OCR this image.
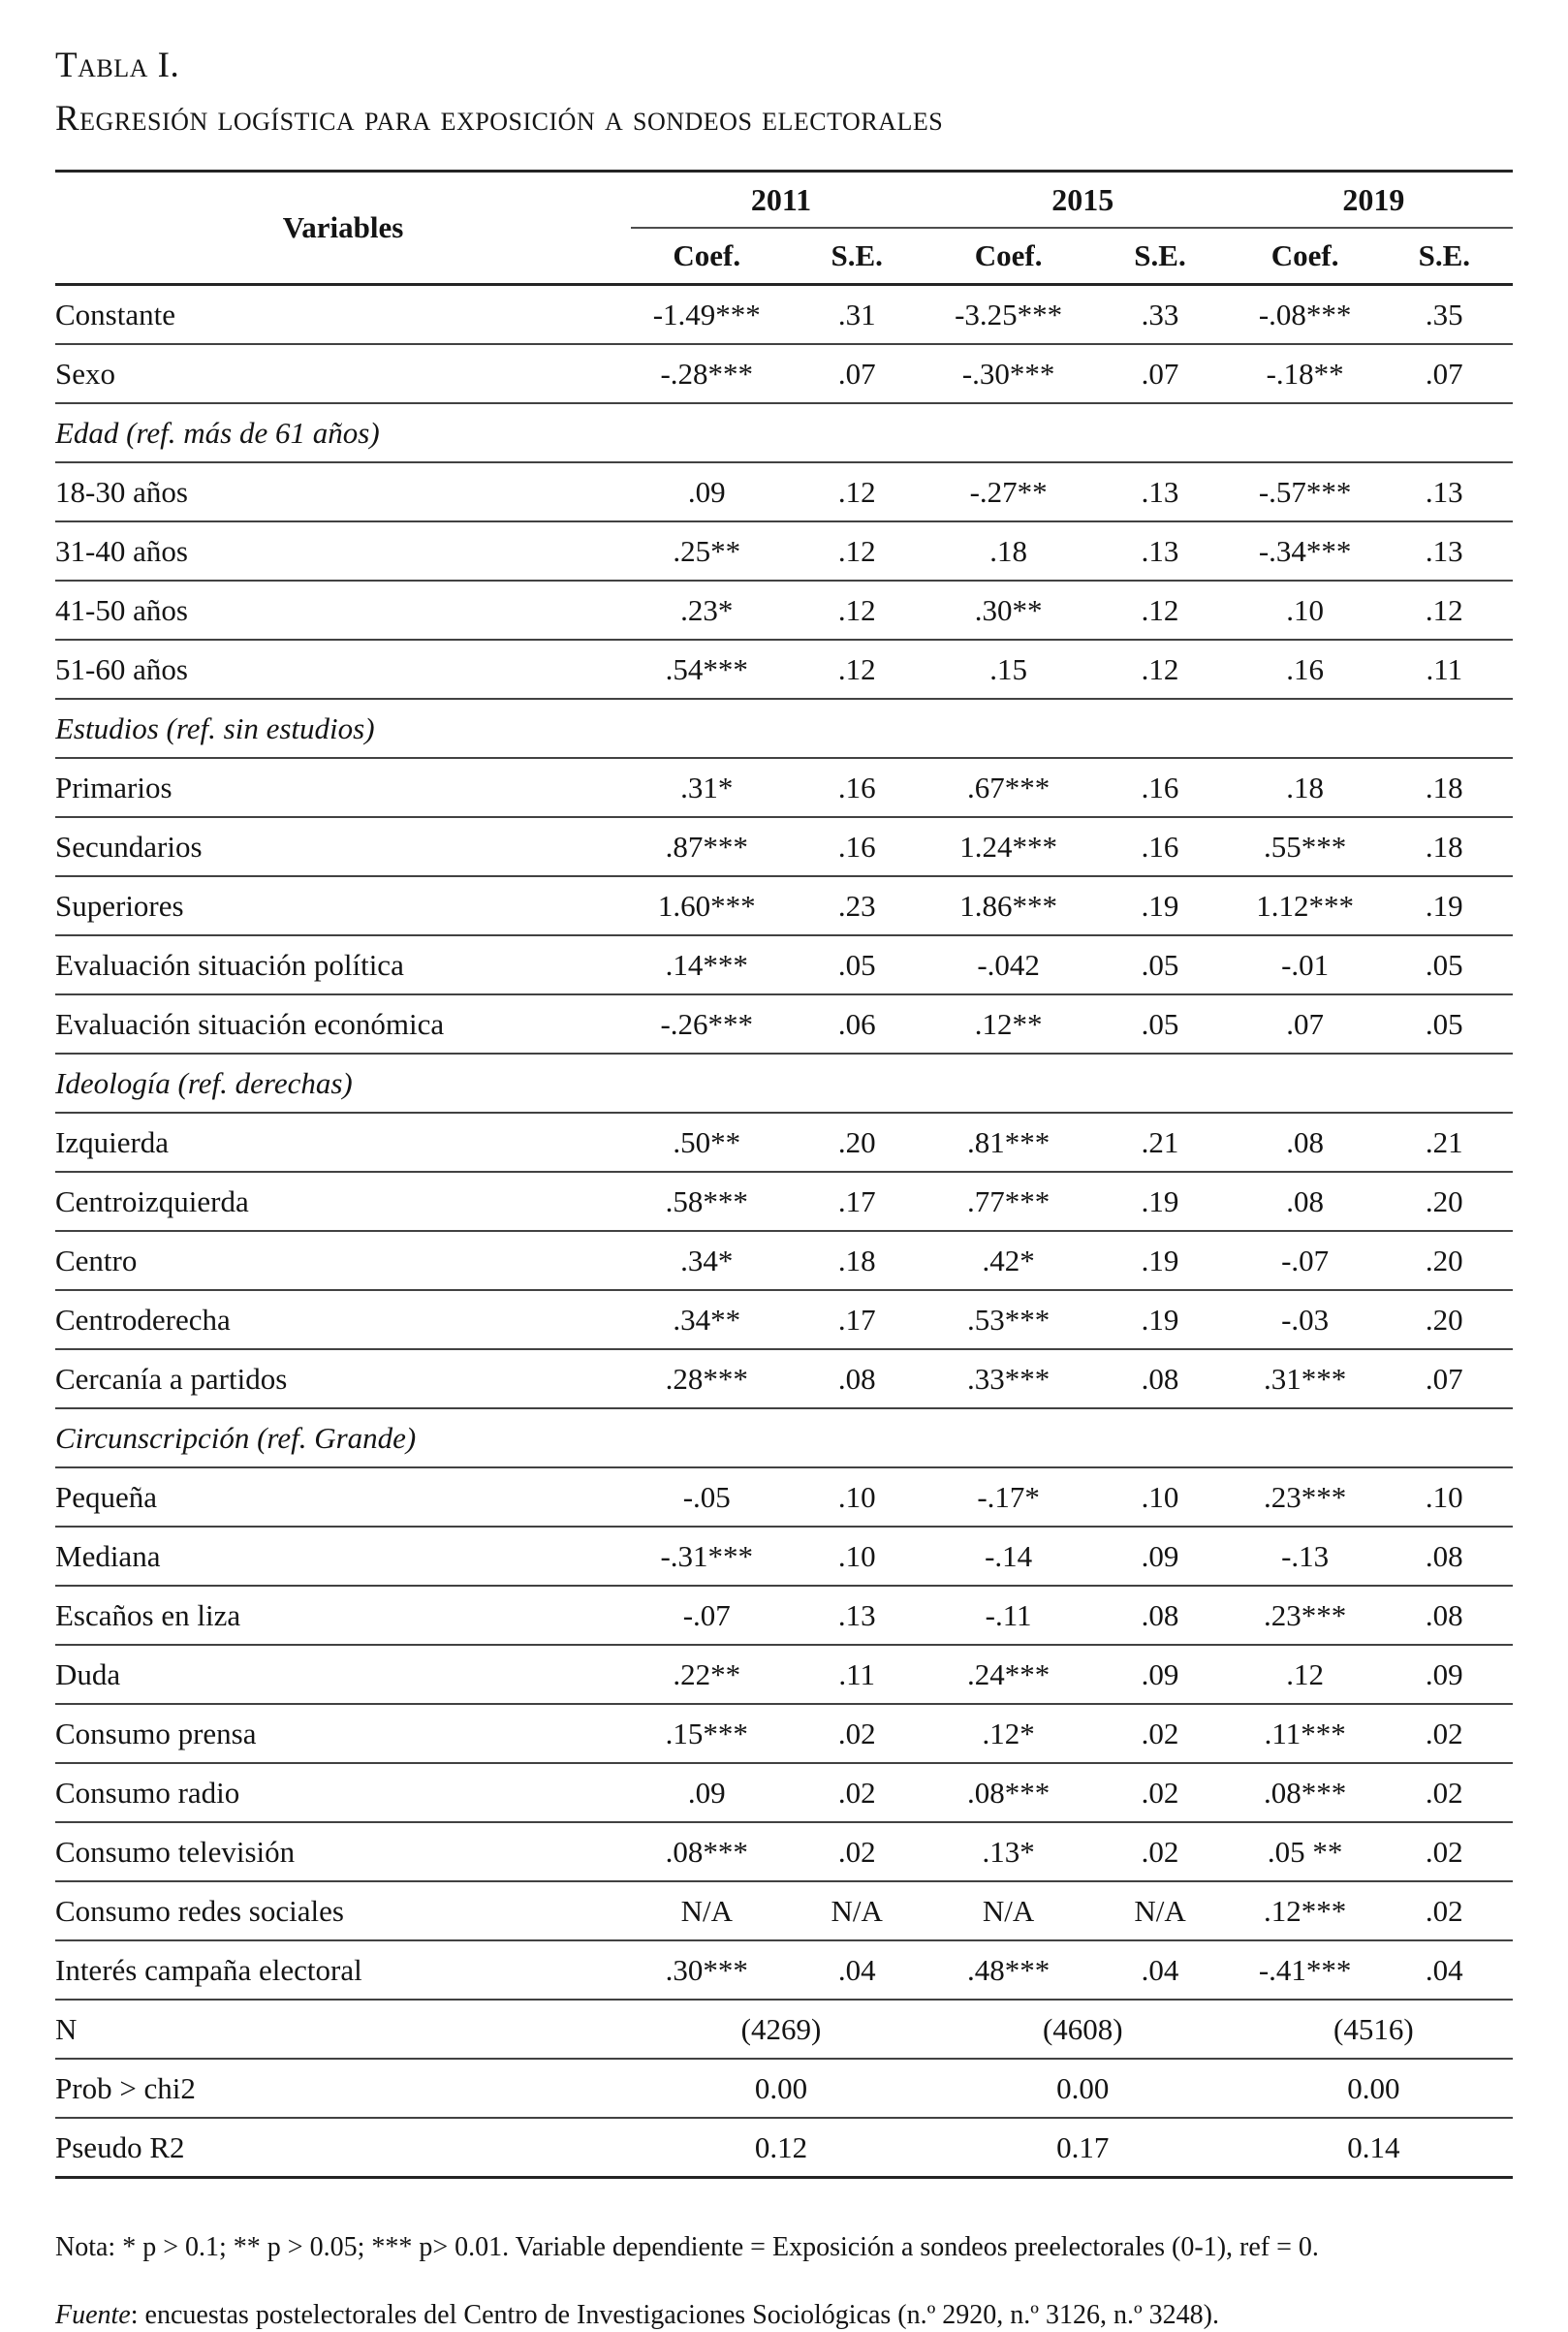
Tabla I.
Regresión logística para exposición a sondeos electorales
Variables	2011		2015		2019	
	Coef.	S.E.	Coef.	S.E.	Coef.	S.E.
Constante	-1.49***	.31	-3.25***	.33	-.08***	.35
Sexo	-.28***	.07	-.30***	.07	-.18**	.07
Edad (ref. más de 61 años)						
18-30 años	.09	.12	-.27**	.13	-.57***	.13
31-40 años	.25**	.12	.18	.13	-.34***	.13
41-50 años	.23*	.12	.30**	.12	.10	.12
51-60 años	.54***	.12	.15	.12	.16	.11
Estudios (ref. sin estudios)						
Primarios	.31*	.16	.67***	.16	.18	.18
Secundarios	.87***	.16	1.24***	.16	.55***	.18
Superiores	1.60***	.23	1.86***	.19	1.12***	.19
Evaluación situación política	.14***	.05	-.042	.05	-.01	.05
Evaluación situación económica	-.26***	.06	.12**	.05	.07	.05
Ideología (ref. derechas)						
Izquierda	.50**	.20	.81***	.21	.08	.21
Centroizquierda	.58***	.17	.77***	.19	.08	.20
Centro	.34*	.18	.42*	.19	-.07	.20
Centroderecha	.34**	.17	.53***	.19	-.03	.20
Cercanía a partidos	.28***	.08	.33***	.08	.31***	.07
Circunscripción (ref. Grande)						
Pequeña	-.05	.10	-.17*	.10	.23***	.10
Mediana	-.31***	.10	-.14	.09	-.13	.08
Escaños en liza	-.07	.13	-.11	.08	.23***	.08
Duda	.22**	.11	.24***	.09	.12	.09
Consumo prensa	.15***	.02	.12*	.02	.11***	.02
Consumo radio	.09	.02	.08***	.02	.08***	.02
Consumo televisión	.08***	.02	.13*	.02	.05 **	.02
Consumo redes sociales	N/A	N/A	N/A	N/A	.12***	.02
Interés campaña electoral	.30***	.04	.48***	.04	-.41***	.04
N	(4269)		(4608)		(4516)	
Prob > chi2	0.00		0.00		0.00	
Pseudo R2	0.12		0.17		0.14	

Nota: * p > 0.1; ** p > 0.05; *** p> 0.01. Variable dependiente = Exposición a sondeos preelectorales (0-1), ref = 0.

Fuente: encuestas postelectorales del Centro de Investigaciones Sociológicas (n.º 2920, n.º 3126, n.º 3248).
